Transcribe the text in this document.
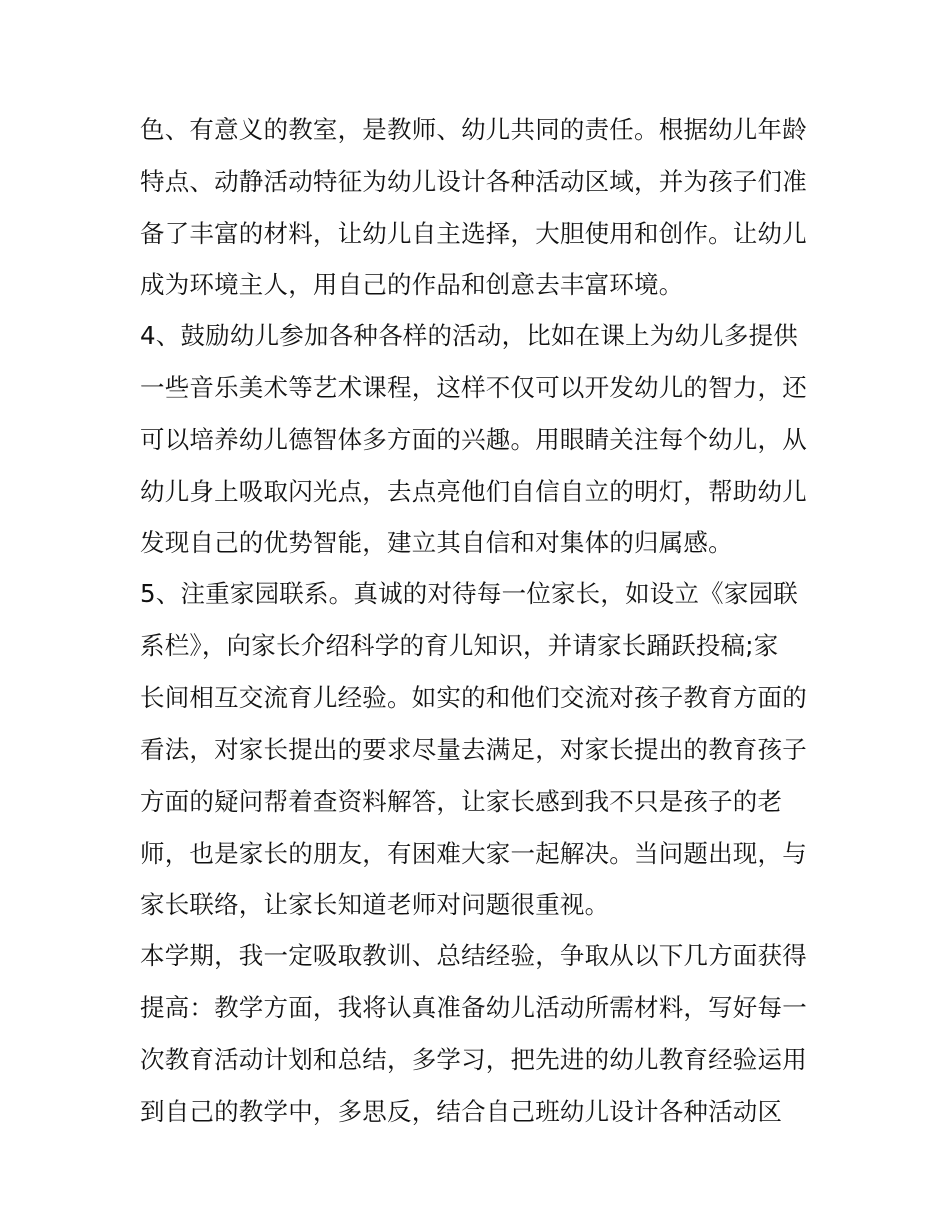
色、有意义的教室，是教师、幼儿共同的责任。根据幼儿年龄
特点、动静活动特征为幼儿设计各种活动区域，并为孩子们准
备了丰富的材料，让幼儿自主选择，大胆使用和创作。让幼儿
成为环境主人，用自己的作品和创意去丰富环境。
4、鼓励幼儿参加各种各样的活动，比如在课上为幼儿多提供
一些音乐美术等艺术课程，这样不仅可以开发幼儿的智力，还
可以培养幼儿德智体多方面的兴趣。用眼睛关注每个幼儿，从
幼儿身上吸取闪光点，去点亮他们自信自立的明灯，帮助幼儿
发现自己的优势智能，建立其自信和对集体的归属感。
5、注重家园联系。真诚的对待每一位家长，如设立《家园联
系栏》，向家长介绍科学的育儿知识，并请家长踊跃投稿;家
长间相互交流育儿经验。如实的和他们交流对孩子教育方面的
看法，对家长提出的要求尽量去满足，对家长提出的教育孩子
方面的疑问帮着查资料解答，让家长感到我不只是孩子的老
师，也是家长的朋友，有困难大家一起解决。当问题出现，与
家长联络，让家长知道老师对问题很重视。
本学期，我一定吸取教训、总结经验，争取从以下几方面获得
提高：教学方面，我将认真准备幼儿活动所需材料，写好每一
次教育活动计划和总结，多学习，把先进的幼儿教育经验运用
到自己的教学中，多思反，结合自己班幼儿设计各种活动区
